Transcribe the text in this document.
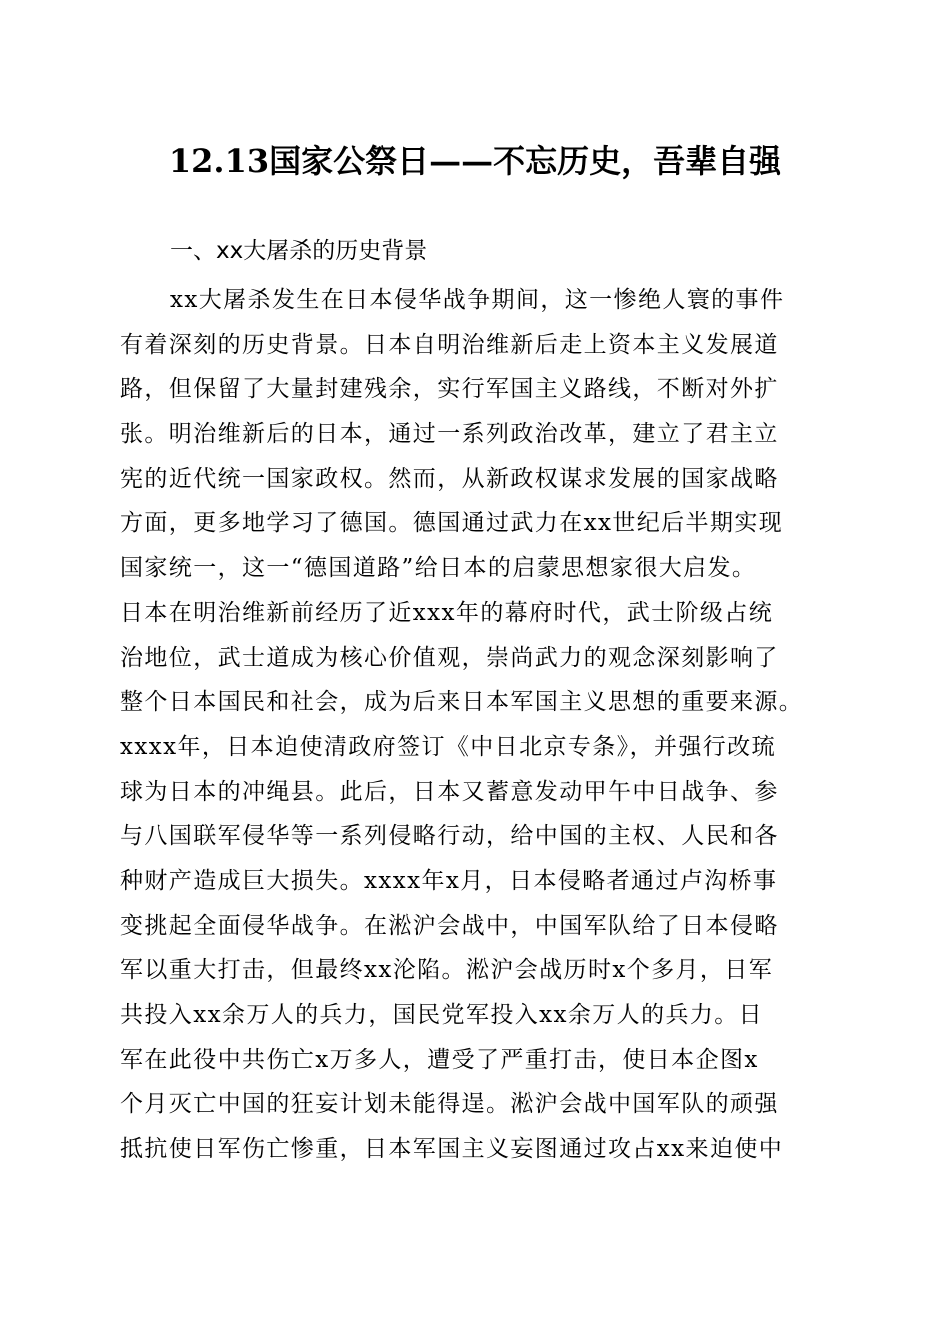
12.13国家公祭日——不忘历史，吾辈自强
一、xx大屠杀的历史背景
xx大屠杀发生在日本侵华战争期间，这一惨绝人寰的事件
有着深刻的历史背景。日本自明治维新后走上资本主义发展道
路，但保留了大量封建残余，实行军国主义路线，不断对外扩
张。明治维新后的日本，通过一系列政治改革，建立了君主立
宪的近代统一国家政权。然而，从新政权谋求发展的国家战略
方面，更多地学习了德国。德国通过武力在xx世纪后半期实现
国家统一，这一“德国道路”给日本的启蒙思想家很大启发。
日本在明治维新前经历了近xxx年的幕府时代，武士阶级占统
治地位，武士道成为核心价值观，崇尚武力的观念深刻影响了
整个日本国民和社会，成为后来日本军国主义思想的重要来源。
xxxx年，日本迫使清政府签订《中日北京专条》，并强行改琉
球为日本的冲绳县。此后，日本又蓄意发动甲午中日战争、参
与八国联军侵华等一系列侵略行动，给中国的主权、人民和各
种财产造成巨大损失。xxxx年x月，日本侵略者通过卢沟桥事
变挑起全面侵华战争。在淞沪会战中，中国军队给了日本侵略
军以重大打击，但最终xx沦陷。淞沪会战历时x个多月，日军
共投入xx余万人的兵力，国民党军投入xx余万人的兵力。日
军在此役中共伤亡x万多人，遭受了严重打击，使日本企图x
个月灭亡中国的狂妄计划未能得逞。淞沪会战中国军队的顽强
抵抗使日军伤亡惨重，日本军国主义妄图通过攻占xx来迫使中
